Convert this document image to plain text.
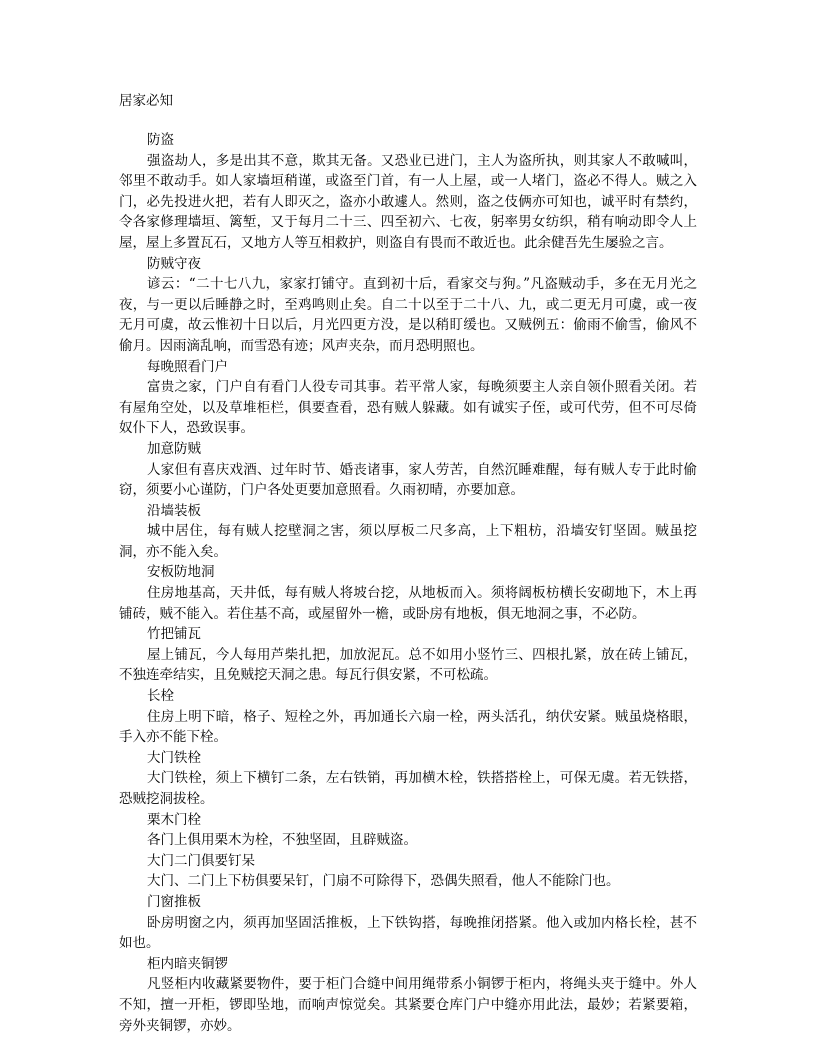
居家必知

防盗

强盗劫人，多是出其不意，欺其无备。又恐业已进门，主人为盗所执，则其家人不敢喊叫，邻里不敢动手。如人家墙垣稍谨，或盗至门首，有一人上屋，或一人堵门，盗必不得人。贼之入门，必先投进火把，若有人即灭之，盗亦小敢遽人。然则，盗之伎俩亦可知也，诚平时有禁约，令各家修理墙垣、篱堑，又于每月二十三、四至初六、七夜，躬率男女纺织，稍有响动即令人上屋，屋上多置瓦石，又地方人等互相救护，则盗自有畏而不敢近也。此余健吾先生屡验之言。

防贼守夜

谚云：“二十七八九，家家打铺守。直到初十后，看家交与狗。”凡盗贼动手，多在无月光之夜，与一更以后睡静之时，至鸡鸣则止矣。自二十以至于二十八、九，或二更无月可虞，或一夜无月可虞，故云惟初十日以后，月光四更方没，是以稍盯缓也。又贼例五：偷雨不偷雪，偷风不偷月。因雨滴乱响，而雪恐有迹；风声夹杂，而月恐明照也。

每晚照看门户

富贵之家，门户自有看门人役专司其事。若平常人家，每晚须要主人亲自领仆照看关闭。若有屋角空处，以及草堆柜栏，俱要查看，恐有贼人躲藏。如有诚实子侄，或可代劳，但不可尽倚奴仆下人，恐致误事。

加意防贼

人家但有喜庆戏酒、过年时节、婚丧诸事，家人劳苦，自然沉睡难醒，每有贼人专于此时偷窃，须要小心谨防，门户各处更要加意照看。久雨初晴，亦要加意。

沿墙装板

城中居住，每有贼人挖壁洞之害，须以厚板二尺多高，上下粗枋，沿墙安钉坚固。贼虽挖洞，亦不能入矣。

安板防地洞

住房地基高，天井低，每有贼人将坡台挖，从地板而入。须将阔板枋横长安砌地下，木上再铺砖，贼不能入。若住基不高，或屋留外一檐，或卧房有地板，俱无地洞之事，不必防。

竹把铺瓦

屋上铺瓦，今人每用芦柴扎把，加放泥瓦。总不如用小竖竹三、四根扎紧，放在砖上铺瓦，不独连牵结实，且免贼挖天洞之患。每瓦行俱安紧，不可松疏。

长栓

住房上明下暗，格子、短栓之外，再加通长六扇一栓，两头活孔，纳伏安紧。贼虽烧格眼，手入亦不能下栓。

大门铁栓

大门铁栓，须上下横钉二条，左右铁销，再加横木栓，铁搭搭栓上，可保无虞。若无铁搭，恐贼挖洞拔栓。

栗木门栓

各门上俱用栗木为栓，不独坚固，且辟贼盗。

大门二门俱要钉呆

大门、二门上下枋俱要呆钉，门扇不可除得下，恐偶失照看，他人不能除门也。

门窗推板

卧房明窗之内，须再加坚固活推板，上下铁钩搭，每晚推闭搭紧。他入或加内格长栓，甚不如也。

柜内暗夹铜锣

凡竖柜内收藏紧要物件，要于柜门合缝中间用绳带系小铜锣于柜内，将绳头夹于缝中。外人不知，擅一开柜，锣即坠地，而响声惊觉矣。其紧要仓库门户中缝亦用此法，最妙；若紧要箱，旁外夹铜锣，亦妙。
